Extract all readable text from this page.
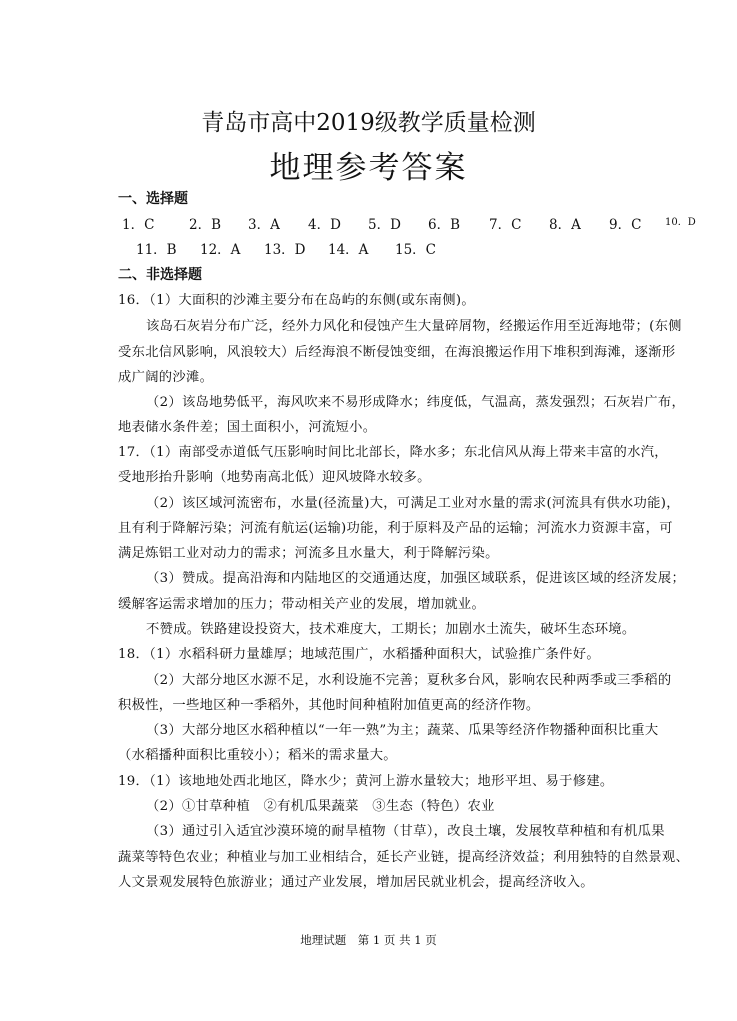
青岛市高中2019级教学质量检测
地理参考答案
一、选择题
1．C	2．B 3．A 4．D 5．D 6．B 7．C 8．A 9．C 10．D
11．B 12．A 13．D 14．A 15．C
二、非选择题
16．（1）大面积的沙滩主要分布在岛屿的东侧(或东南侧)。
该岛石灰岩分布广泛，经外力风化和侵蚀产生大量碎屑物，经搬运作用至近海地带；(东侧
受东北信风影响，风浪较大）后经海浪不断侵蚀变细，在海浪搬运作用下堆积到海滩，逐渐形
成广阔的沙滩。
（2）该岛地势低平，海风吹来不易形成降水；纬度低，气温高，蒸发强烈；石灰岩广布，
地表储水条件差；国土面积小，河流短小。
17．（1）南部受赤道低气压影响时间比北部长，降水多；东北信风从海上带来丰富的水汽，
受地形抬升影响（地势南高北低）迎风坡降水较多。
（2）该区域河流密布，水量(径流量)大，可满足工业对水量的需求(河流具有供水功能)，
且有利于降解污染；河流有航运(运输)功能，利于原料及产品的运输；河流水力资源丰富，可
满足炼铝工业对动力的需求；河流多且水量大，利于降解污染。
（3）赞成。提高沿海和内陆地区的交通通达度，加强区域联系，促进该区域的经济发展；
缓解客运需求增加的压力；带动相关产业的发展，增加就业。
不赞成。铁路建设投资大，技术难度大，工期长；加剧水土流失，破坏生态环境。
18．（1）水稻科研力量雄厚；地域范围广，水稻播种面积大，试验推广条件好。
（2）大部分地区水源不足，水利设施不完善；夏秋多台风，影响农民种两季或三季稻的
积极性，一些地区种一季稻外，其他时间种植附加值更高的经济作物。
（3）大部分地区水稻种植以“一年一熟”为主；蔬菜、瓜果等经济作物播种面积比重大
（水稻播种面积比重较小）；稻米的需求量大。
19．（1）该地地处西北地区，降水少；黄河上游水量较大；地形平坦、易于修建。
（2）①甘草种植　②有机瓜果蔬菜　③生态（特色）农业
（3）通过引入适宜沙漠环境的耐旱植物（甘草），改良土壤，发展牧草种植和有机瓜果
蔬菜等特色农业；种植业与加工业相结合，延长产业链，提高经济效益；利用独特的自然景观、
人文景观发展特色旅游业；通过产业发展，增加居民就业机会，提高经济收入。
地理试题　第 1 页 共 1 页
